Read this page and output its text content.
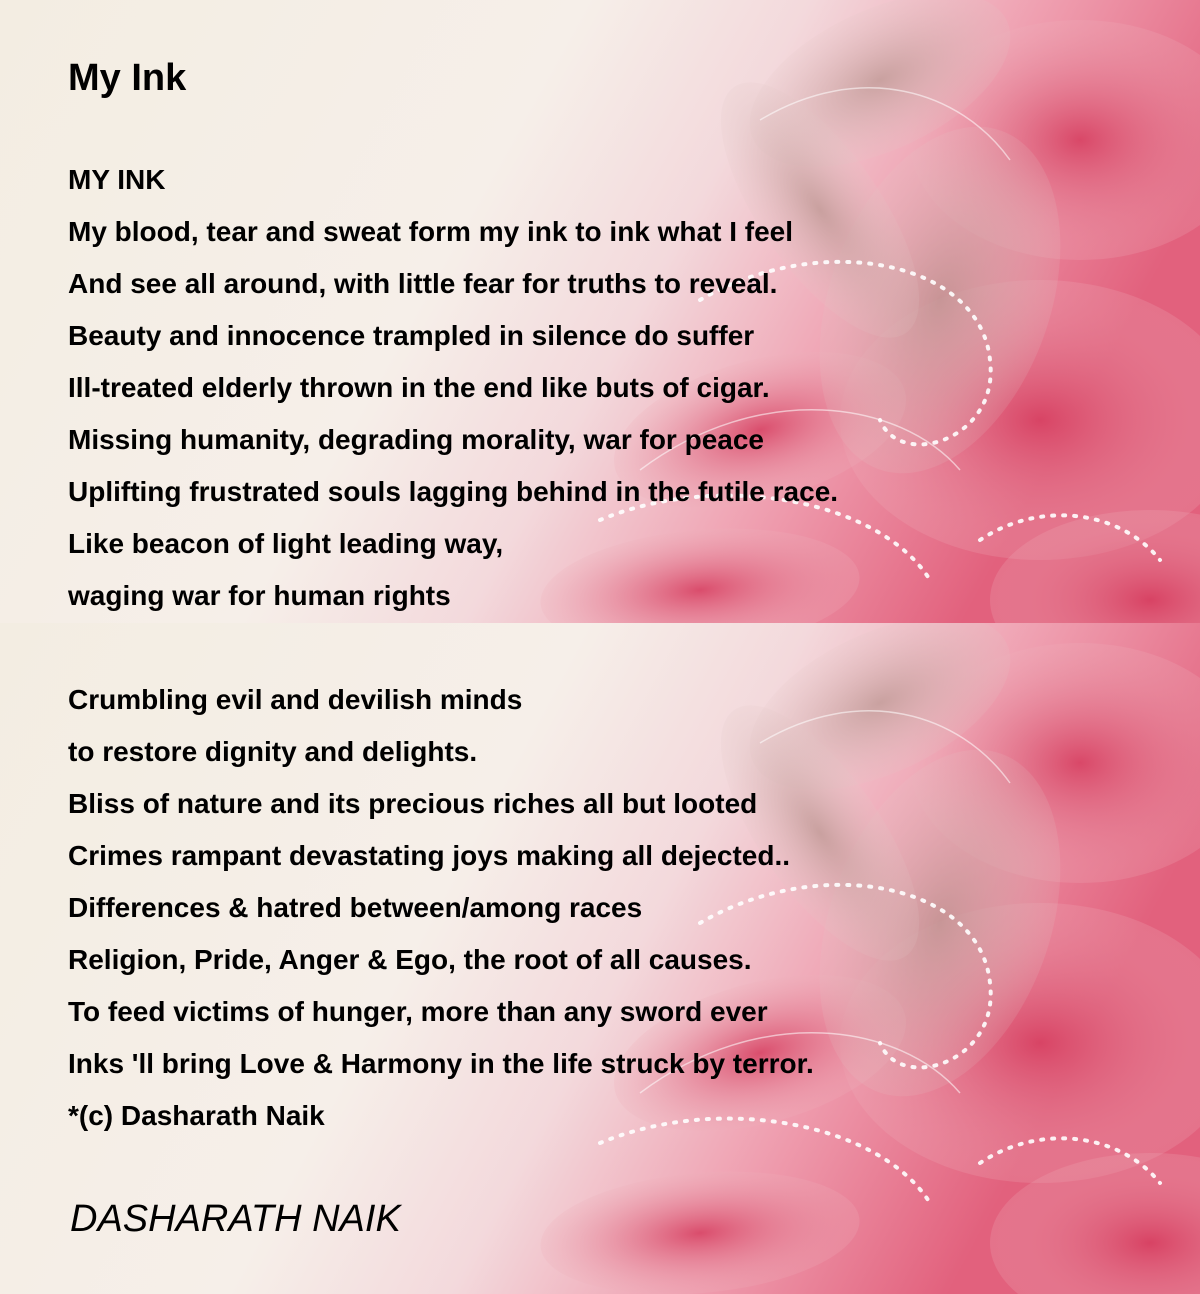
My Ink
MY INK
My blood, tear and sweat form my ink to ink what I feel
And see all around, with little fear for truths to reveal.
Beauty and innocence trampled in silence do suffer
Ill-treated elderly thrown in the end like buts of cigar.
Missing humanity, degrading morality, war for peace
Uplifting frustrated souls lagging behind in the futile race.
Like beacon of light leading way,
waging war for human rights
Crumbling evil and devilish minds
to restore dignity and delights.
Bliss of nature and its precious riches all but looted
Crimes rampant devastating joys making all dejected..
Differences & hatred between/among races
Religion, Pride, Anger & Ego, the root of all causes.
To feed victims of hunger, more than any sword ever
Inks 'll bring Love & Harmony in the life struck by terror.
*(c) Dasharath Naik
DASHARATH NAIK
